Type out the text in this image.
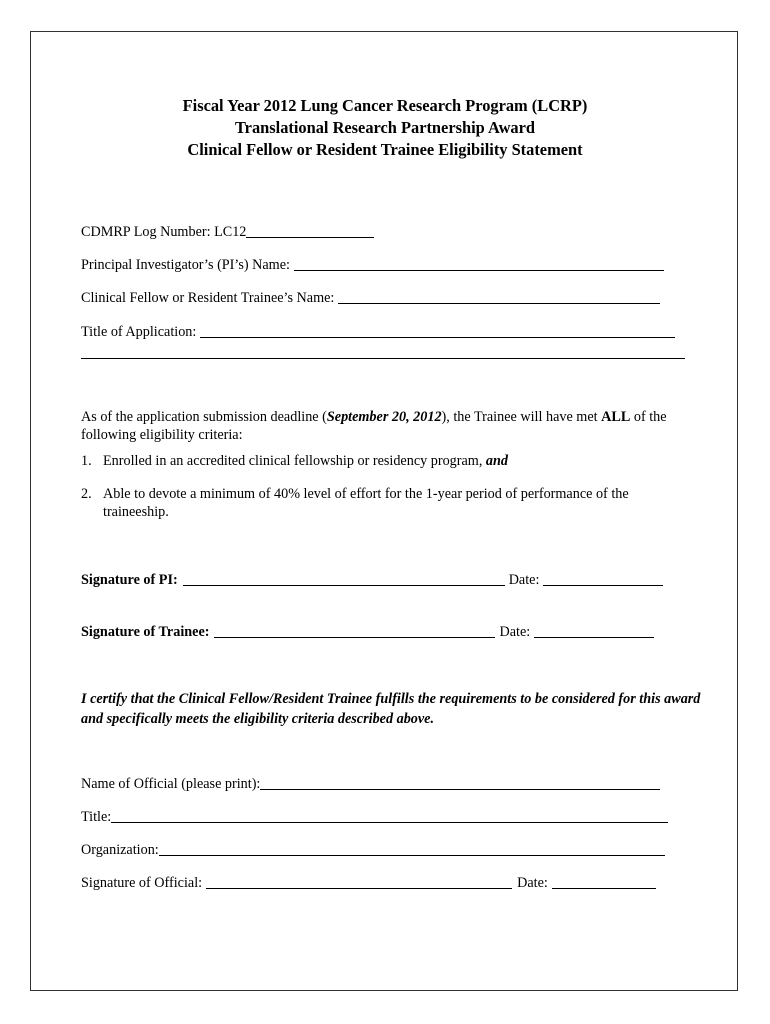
Fiscal Year 2012 Lung Cancer Research Program (LCRP)
Translational Research Partnership Award
Clinical Fellow or Resident Trainee Eligibility Statement
CDMRP Log Number: LC12
Principal Investigator’s (PI’s) Name:
Clinical Fellow or Resident Trainee’s Name:
Title of Application:
As of the application submission deadline (September 20, 2012), the Trainee will have met ALL of the following eligibility criteria:
1. Enrolled in an accredited clinical fellowship or residency program, and
2. Able to devote a minimum of 40% level of effort for the 1-year period of performance of the traineeship.
Signature of PI:	Date:
Signature of Trainee:	Date:
I certify that the Clinical Fellow/Resident Trainee fulfills the requirements to be considered for this award and specifically meets the eligibility criteria described above.
Name of Official (please print):
Title:
Organization:
Signature of Official:	Date:
